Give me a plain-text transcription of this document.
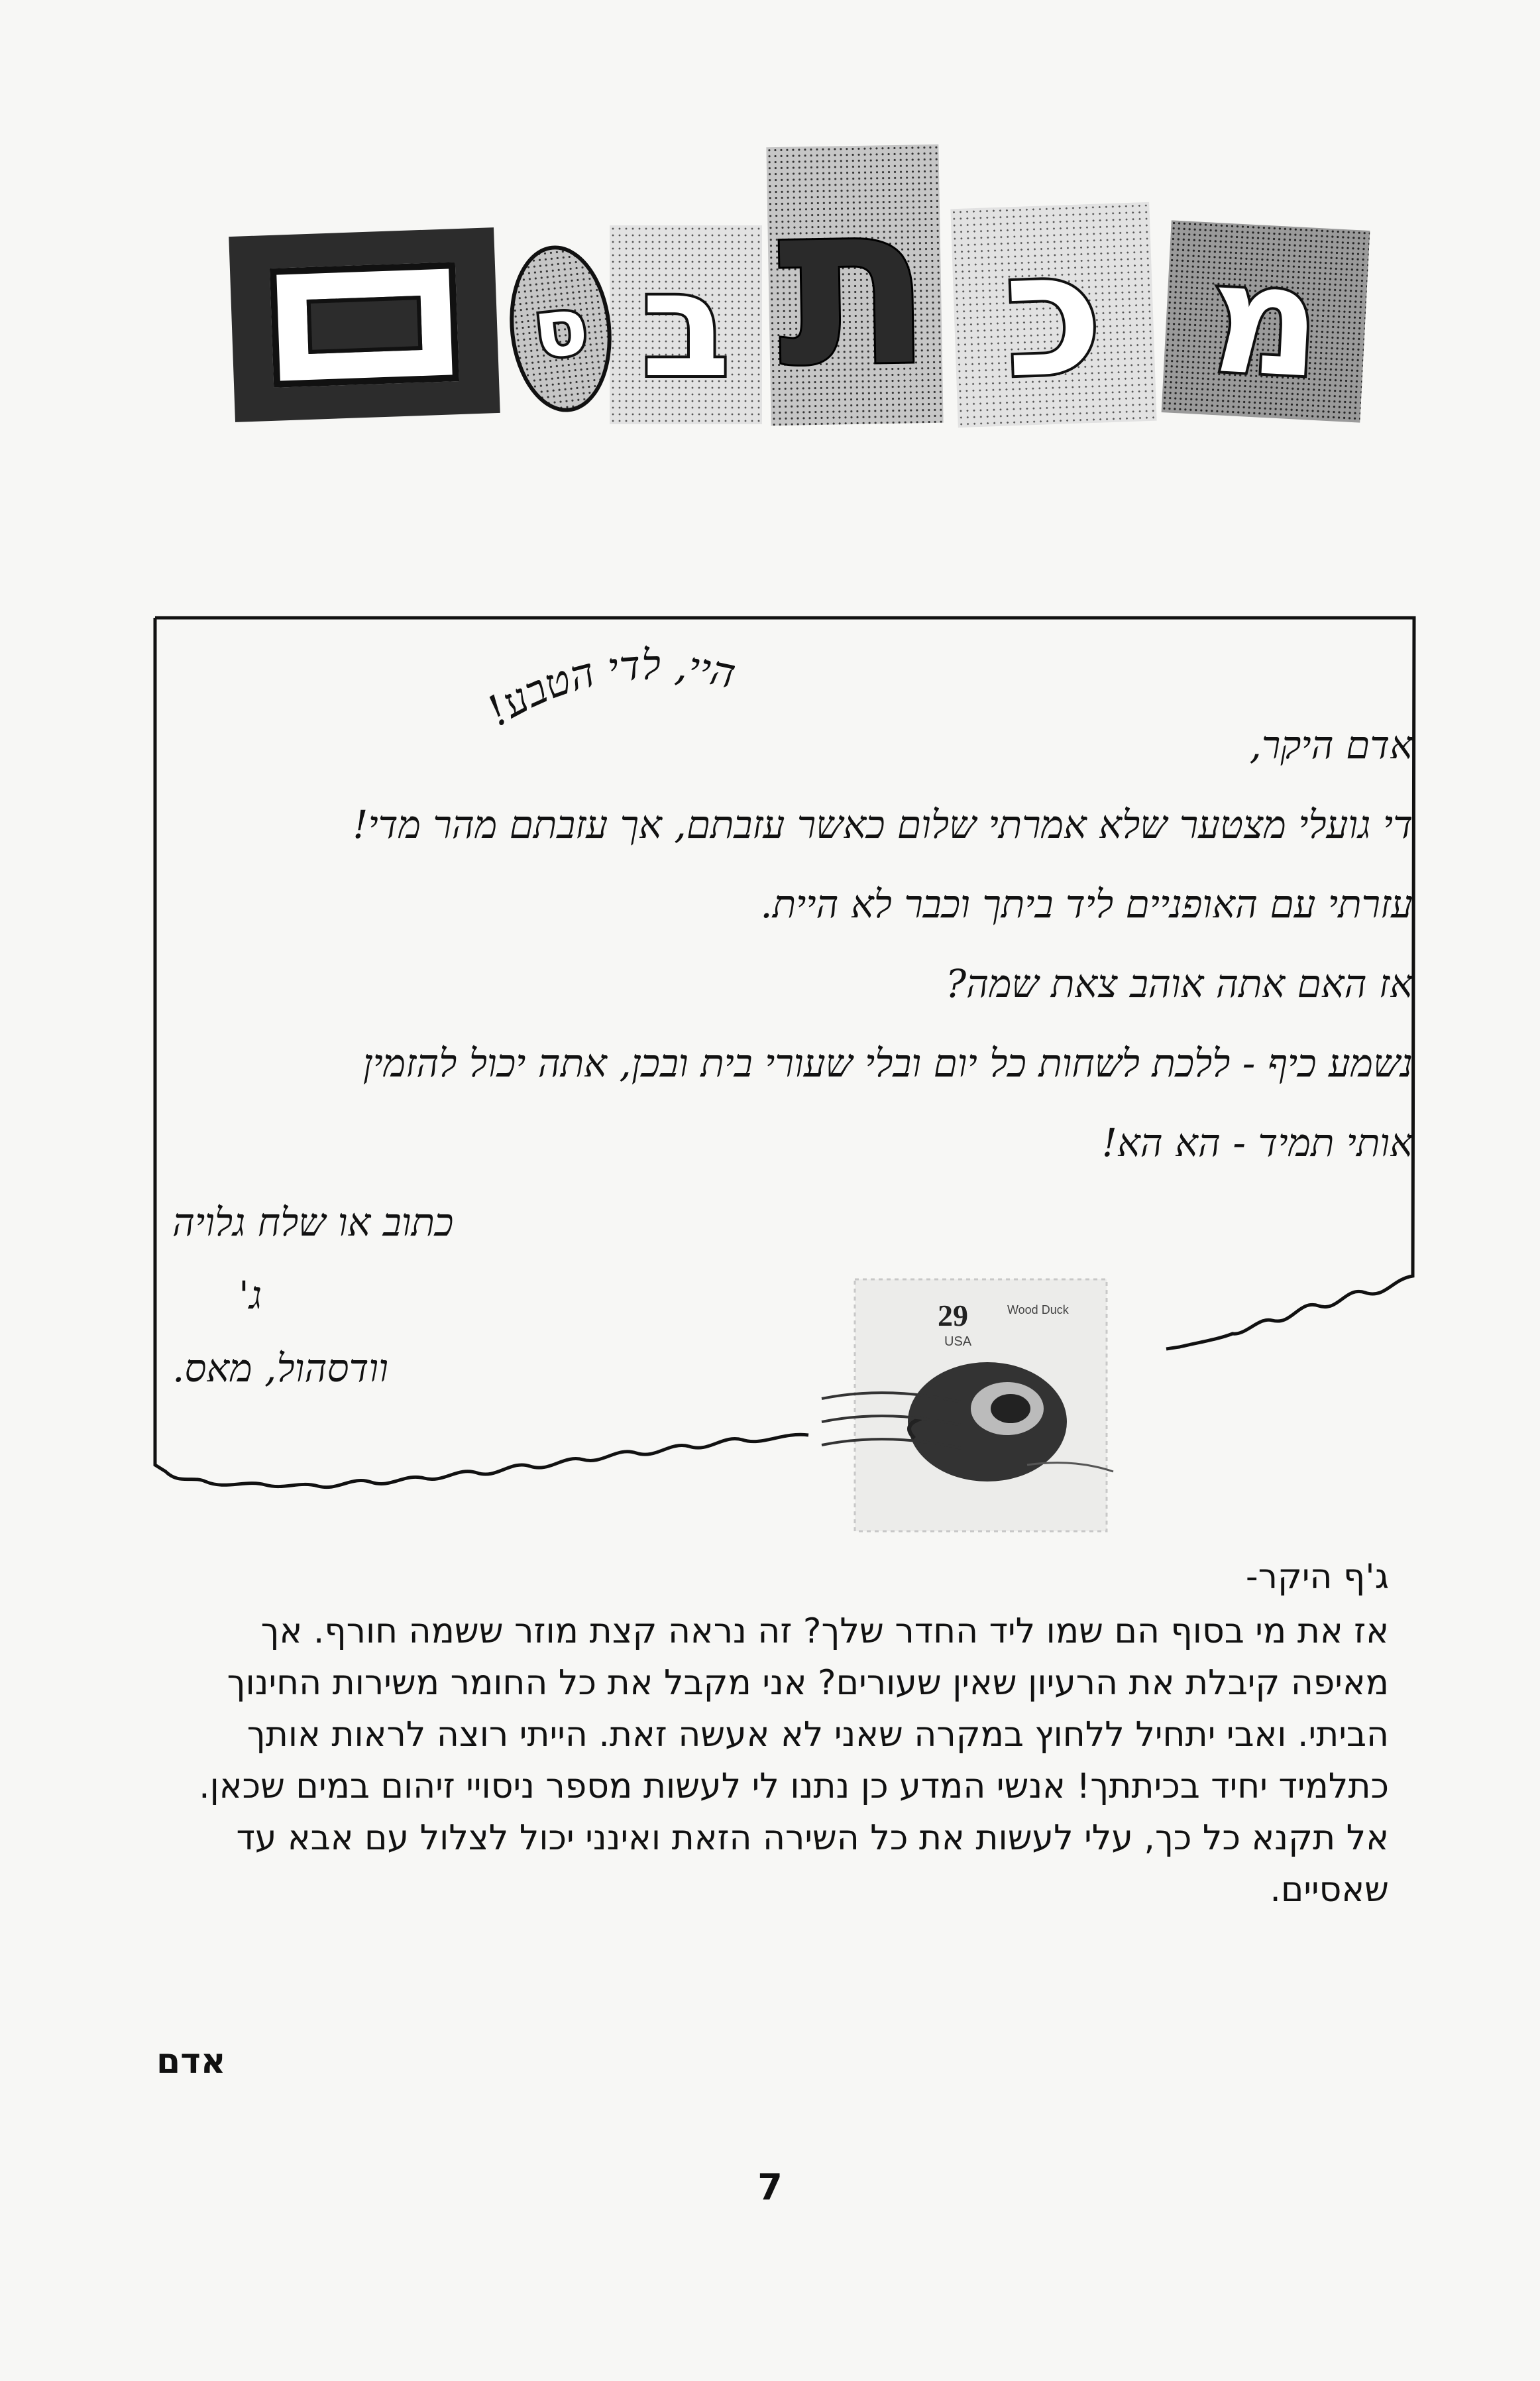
מ
כ
ת
ב
ס
היי, לדי הטבע!
אדם היקר,
די גועלי מצטער שלא אמרתי שלום כאשר עזבתם, אך עזבתם מהר מדי!
עזרתי עם האופניים ליד ביתך וכבר לא היית.
אז האם אתה אוהב צאת שמה?
נשמע כיף - ללכת לשחות כל יום ובלי שעורי בית ובכן, אתה יכול להזמין
אותי תמיד - הא הא!
כתוב או שלח גלויה
ג'
וודסהול, מאס.
29	Wood Duck
USA

ג'ף היקר-

אז את מי בסוף הם שמו ליד החדר שלך? זה נראה קצת מוזר ששמה חורף. אך מאיפה קיבלת את הרעיון שאין שעורים? אני מקבל את כל החומר משירות החינוך הביתי. ואבי יתחיל ללחוץ במקרה שאני לא אעשה זאת. הייתי רוצה לראות אותך כתלמיד יחיד בכיתתך! אנשי המדע כן נתנו לי לעשות מספר ניסויי זיהום במים שכאן.

אל תקנא כל כך, עלי לעשות את כל השירה הזאת ואינני יכול לצלול עם אבא עד שאסיים.

אדם
7
